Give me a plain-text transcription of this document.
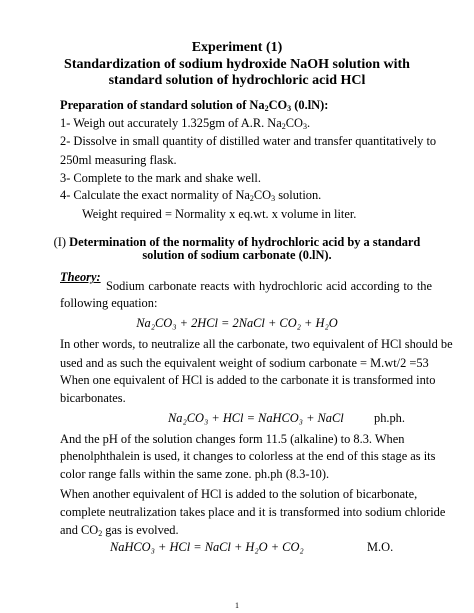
Experiment (1)
Standardization of sodium hydroxide NaOH solution with
standard solution of hydrochloric acid HCl
Preparation of standard solution of $Na_2CO_3$ (0.lN):
1- Weigh out accurately 1.325gm of A.R. $Na_2CO_3$.
2- Dissolve in small quantity of distilled water and transfer quantitatively to
250ml measuring flask.
3- Complete to the mark and shake well.
4- Calculate the exact normality of $Na_2CO_3$ solution.
Weight required = Normality x eq.wt. x volume in liter.
(I) Determination of the normality of hydrochloric acid by a standard
solution of sodium carbonate (0.lN).
Theory:
Sodium carbonate reacts with hydrochloric acid according to the
following equation:
Na₂CO₃ + 2HCl = 2NaCl + CO₂ + H₂O
In other words, to neutralize all the carbonate, two equivalent of HCl should be
used and as such the equivalent weight of sodium carbonate = M.wt/2 =53
When one equivalent of HCl is added to the carbonate it is transformed into
bicarbonates.
Na₂CO₃ + HCl = NaHCO₃ + NaCl ph.ph.
And the pH of the solution changes form 11.5 (alkaline) to 8.3. When
phenolphthalein is used, it changes to colorless at the end of this stage as its
color range falls within the same zone. ph.ph (8.3-10).
When another equivalent of HCl is added to the solution of bicarbonate,
complete neutralization takes place and it is transformed into sodium chloride
and $CO_2$ gas is evolved.
NaHCO₃ + HCl = NaCl + H₂O + CO₂	M.O.
1
